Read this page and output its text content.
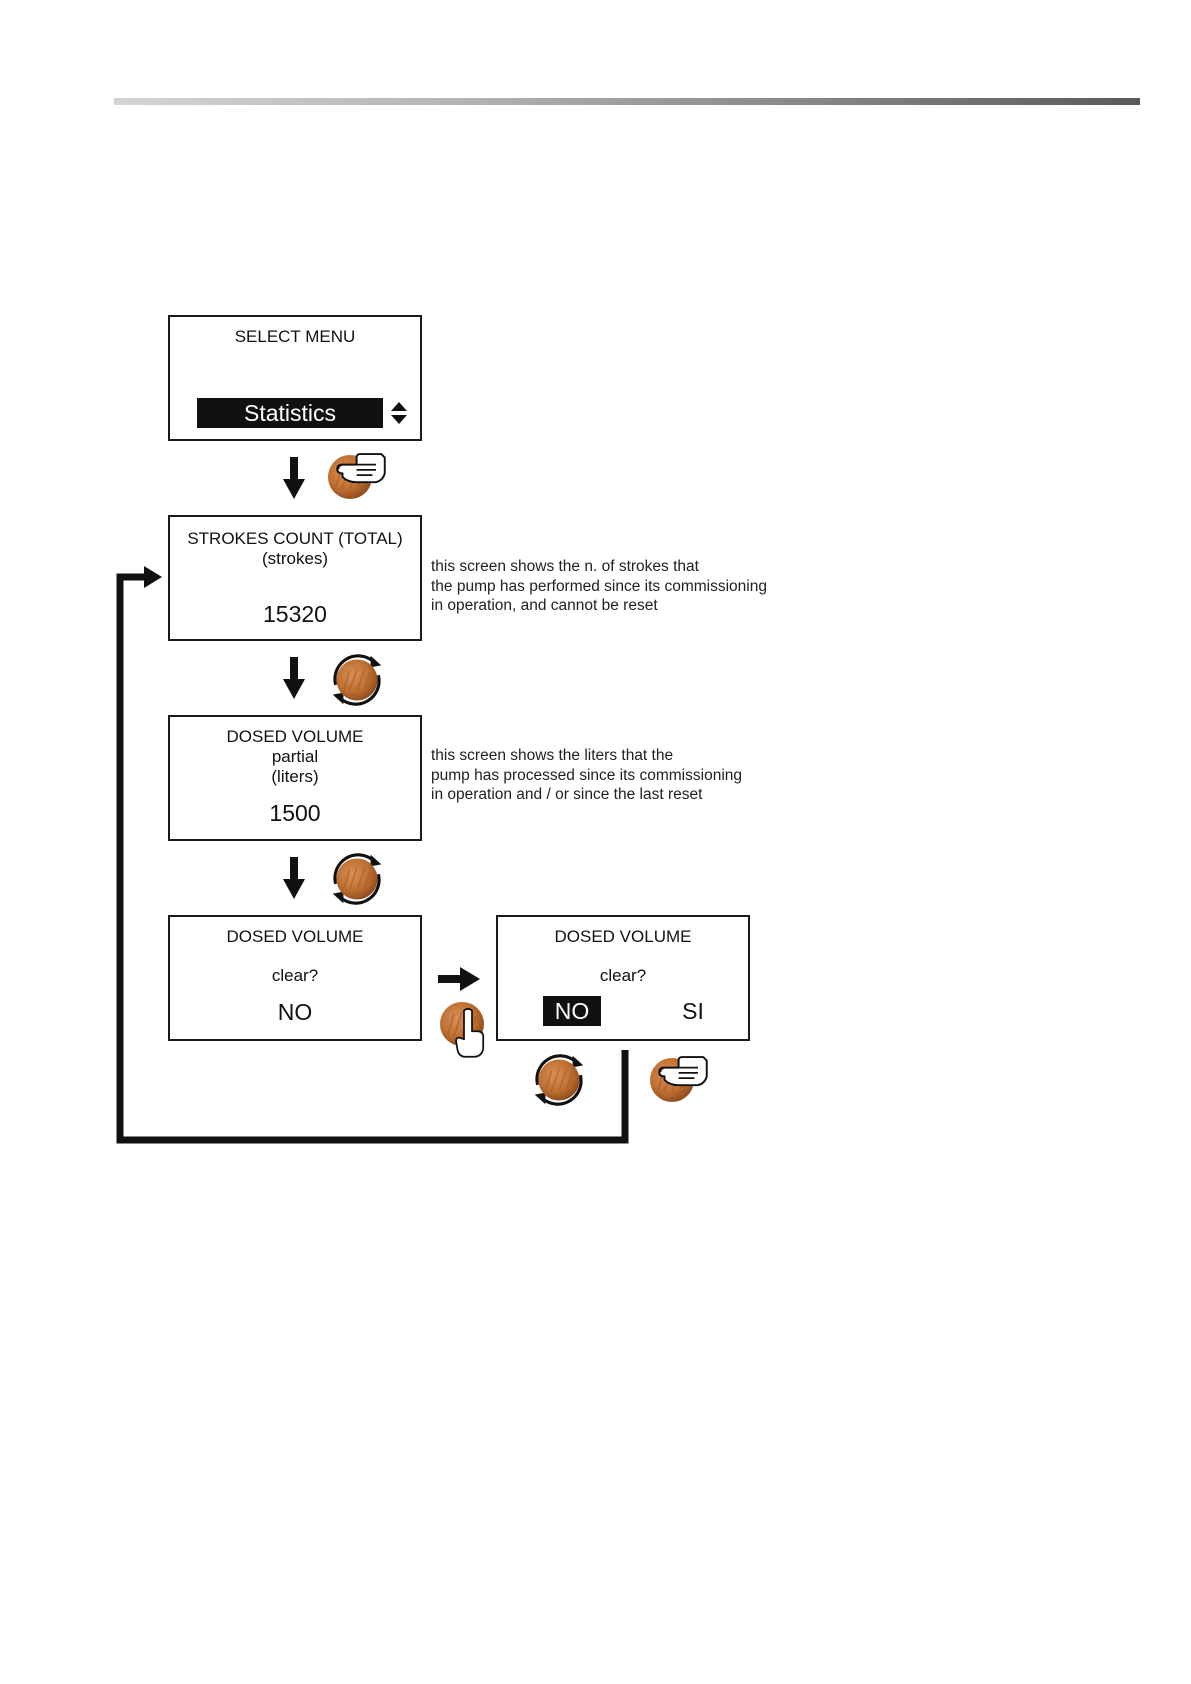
SELECT MENU
Statistics
STROKES COUNT (TOTAL)
(strokes)
15320
this screen shows the n. of strokes that
the pump has performed since its commissioning
in operation, and cannot be reset
DOSED VOLUME
partial
(liters)
1500
this screen shows the liters that the
pump has processed since its commissioning
in operation and / or since the last reset
DOSED VOLUME
clear?
NO
DOSED VOLUME
clear?
NO	SI
